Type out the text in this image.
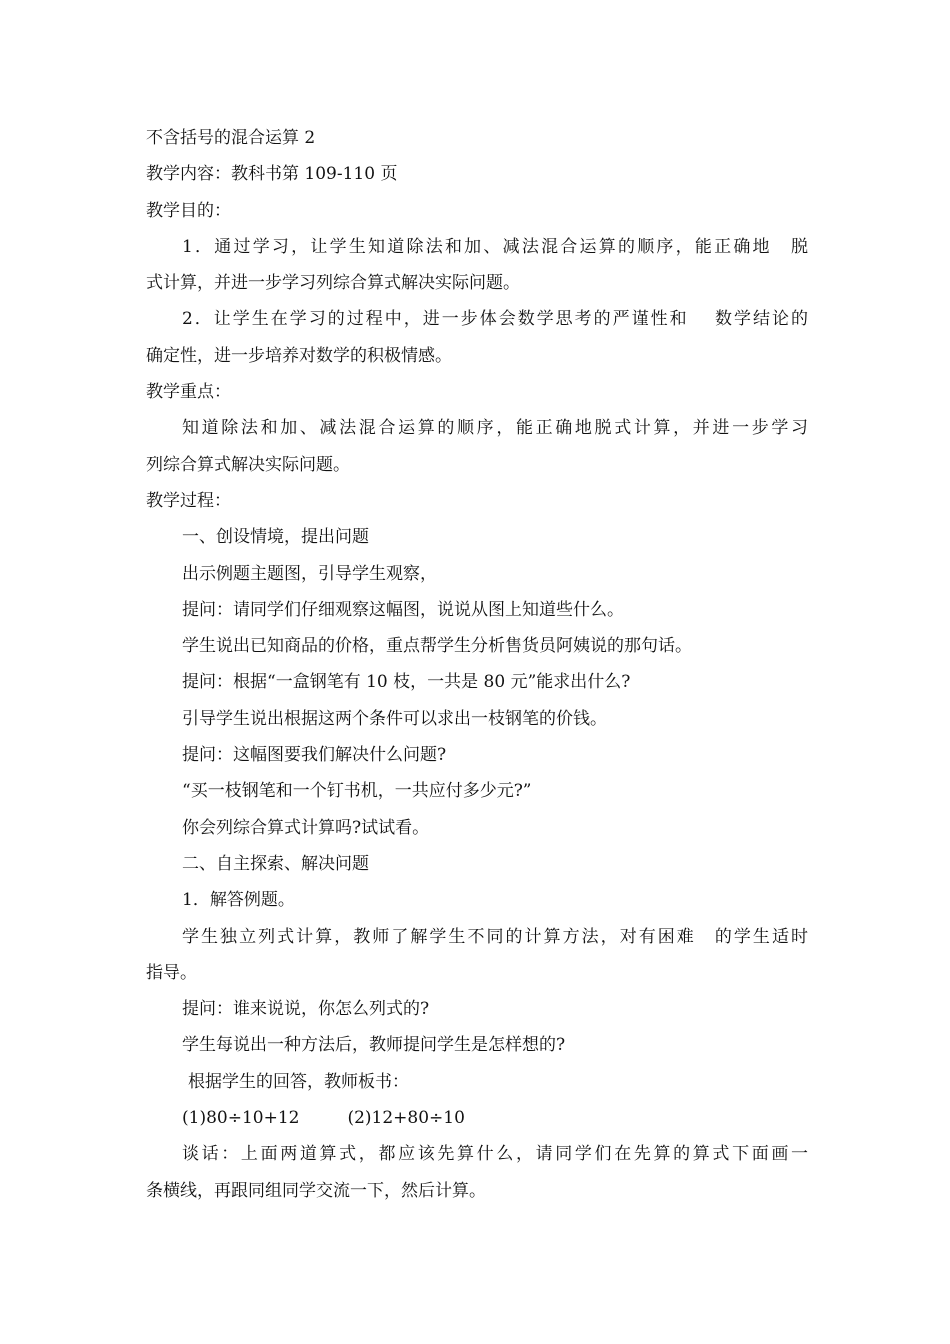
不含括号的混合运算 2
教学内容：教科书第 109-110 页
教学目的：
1．通过学习，让学生知道除法和加、减法混合运算的顺序，能正确地　脱
式计算，并进一步学习列综合算式解决实际问题。
2．让学生在学习的过程中，进一步体会数学思考的严谨性和　 数学结论的
确定性，进一步培养对数学的积极情感。
教学重点：
知道除法和加、减法混合运算的顺序，能正确地脱式计算，并进一步学习
列综合算式解决实际问题。
教学过程：
一、创设情境，提出问题
出示例题主题图，引导学生观察，
提问：请同学们仔细观察这幅图，说说从图上知道些什么。
学生说出已知商品的价格，重点帮学生分析售货员阿姨说的那句话。
提问：根据“一盒钢笔有 10 枝，一共是 80 元”能求出什么?
引导学生说出根据这两个条件可以求出一枝钢笔的价钱。
提问：这幅图要我们解决什么问题?
“买一枝钢笔和一个钉书机，一共应付多少元?”
你会列综合算式计算吗?试试看。
二、自主探索、解决问题
1．解答例题。
学生独立列式计算，教师了解学生不同的计算方法，对有困难　的学生适时
指导。
提问：谁来说说，你怎么列式的?
学生每说出一种方法后，教师提问学生是怎样想的?
根据学生的回答，教师板书：
(1)80÷10+12	(2)12+80÷10
谈话：上面两道算式，都应该先算什么，请同学们在先算的算式下面画一
条横线，再跟同组同学交流一下，然后计算。
